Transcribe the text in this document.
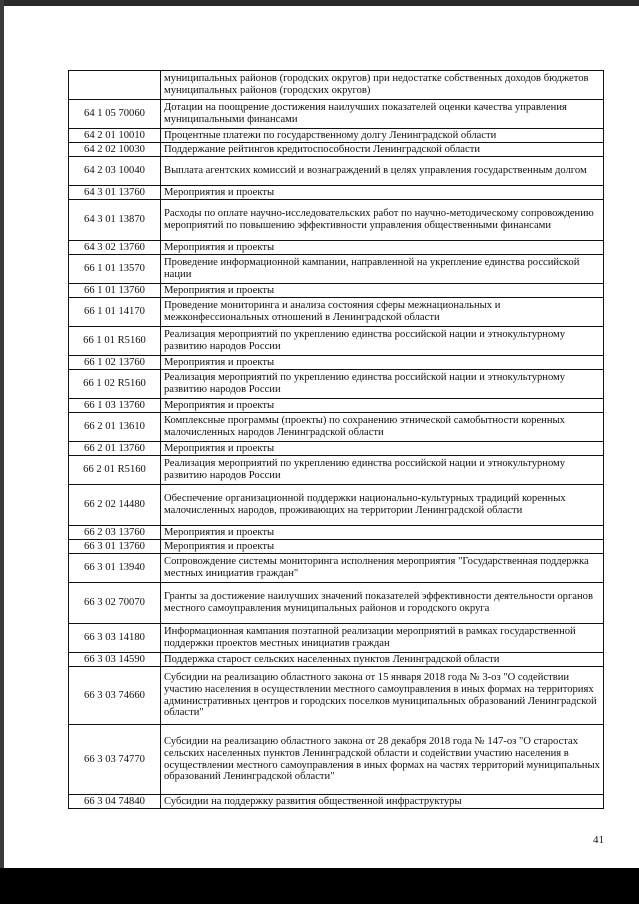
	муниципальных районов (городских округов) при недостатке собственных доходов бюджетов муниципальных районов (городских округов)
64 1 05 70060	Дотации на поощрение достижения наилучших показателей оценки качества управления муниципальными финансами
64 2 01 10010	Процентные платежи по государственному долгу Ленинградской области
64 2 02 10030	Поддержание рейтингов кредитоспособности Ленинградской области
64 2 03 10040	Выплата агентских комиссий и вознаграждений в целях управления государственным долгом
64 3 01 13760	Мероприятия и проекты
64 3 01 13870	Расходы по оплате научно-исследовательских работ по научно-методическому сопровождению мероприятий по повышению эффективности управления общественными финансами
64 3 02 13760	Мероприятия и проекты
66 1 01 13570	Проведение информационной кампании, направленной на укрепление единства российской нации
66 1 01 13760	Мероприятия и проекты
66 1 01 14170	Проведение мониторинга и анализа состояния сферы межнациональных и межконфессиональных отношений в Ленинградской области
66 1 01 R5160	Реализация мероприятий по укреплению единства российской нации и этнокультурному развитию народов России
66 1 02 13760	Мероприятия и проекты
66 1 02 R5160	Реализация мероприятий по укреплению единства российской нации и этнокультурному развитию народов России
66 1 03 13760	Мероприятия и проекты
66 2 01 13610	Комплексные программы (проекты) по сохранению этнической самобытности коренных малочисленных народов Ленинградской области
66 2 01 13760	Мероприятия и проекты
66 2 01 R5160	Реализация мероприятий по укреплению единства российской нации и этнокультурному развитию народов России
66 2 02 14480	Обеспечение организационной поддержки национально-культурных традиций коренных малочисленных народов, проживающих на территории Ленинградской области
66 2 03 13760	Мероприятия и проекты
66 3 01 13760	Мероприятия и проекты
66 3 01 13940	Сопровождение системы мониторинга исполнения мероприятия "Государственная поддержка местных инициатив граждан"
66 3 02 70070	Гранты за достижение наилучших значений показателей эффективности деятельности органов местного самоуправления муниципальных районов и городского округа
66 3 03 14180	Информационная кампания поэтапной реализации мероприятий в рамках государственной поддержки проектов местных инициатив граждан
66 3 03 14590	Поддержка старост сельских населенных пунктов Ленинградской области
66 3 03 74660	Субсидии на реализацию областного закона от 15 января 2018 года № 3-оз "О содействии участию населения в осуществлении местного самоуправления в иных формах на территориях административных центров и городских поселков муниципальных образований Ленинградской области"
66 3 03 74770	Субсидии на реализацию областного закона от 28 декабря 2018 года № 147-оз "О старостах сельских населенных пунктов Ленинградской области и содействии участию населения в осуществлении местного самоуправления в иных формах на частях территорий муниципальных образований Ленинградской области"
66 3 04 74840	Субсидии на поддержку развития общественной инфраструктуры
41
